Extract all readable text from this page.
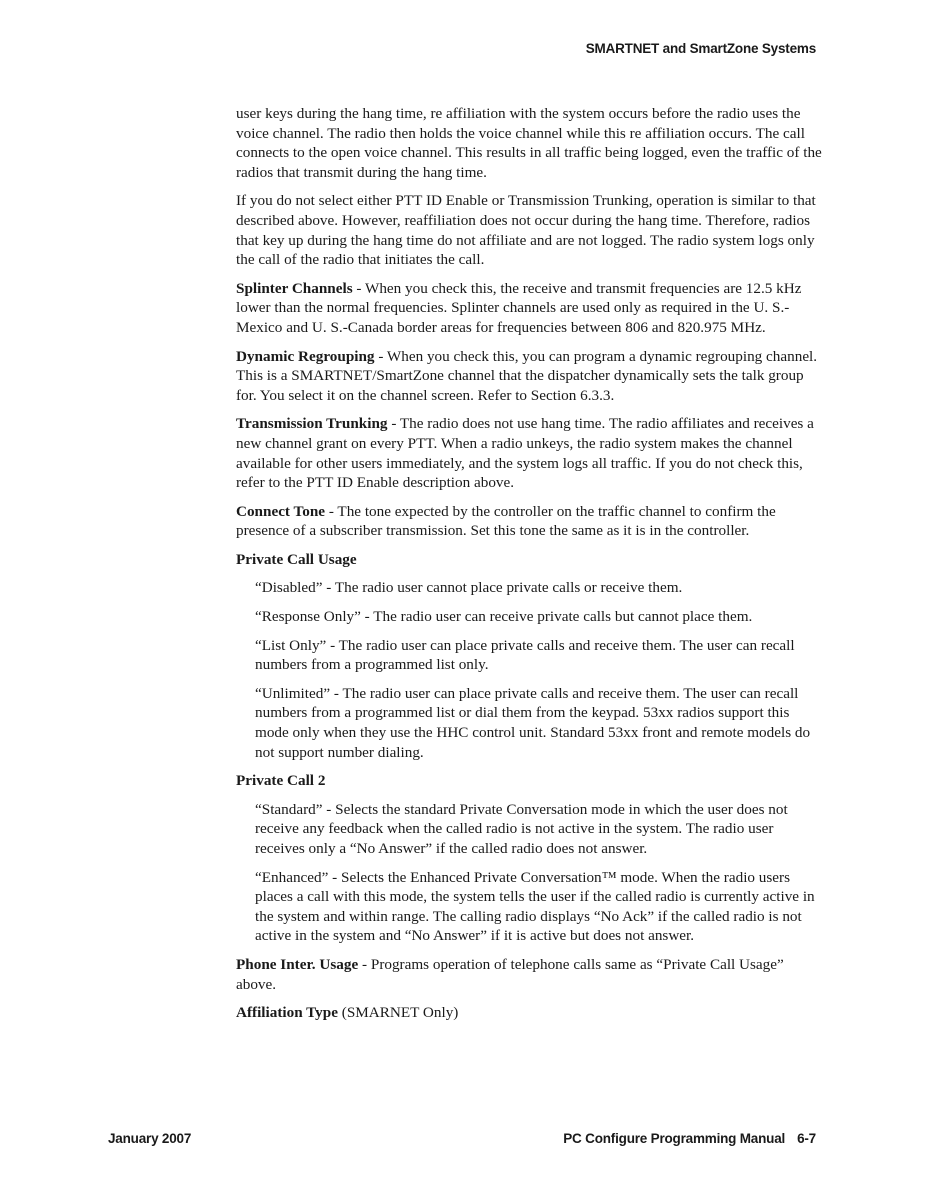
SMARTNET and SmartZone Systems

user keys during the hang time, re affiliation with the system occurs before the radio uses the voice channel. The radio then holds the voice channel while this re affiliation occurs. The call connects to the open voice channel. This results in all traffic being logged, even the traffic of the radios that transmit during the hang time.

If you do not select either PTT ID Enable or Transmission Trunking, operation is similar to that described above. However, reaffiliation does not occur during the hang time. Therefore, radios that key up during the hang time do not affiliate and are not logged. The radio system logs only the call of the radio that initiates the call.

Splinter Channels - When you check this, the receive and transmit frequencies are 12.5 kHz lower than the normal frequencies. Splinter channels are used only as required in the U. S.-Mexico and U. S.-Canada border areas for frequencies between 806 and 820.975 MHz.

Dynamic Regrouping - When you check this, you can program a dynamic regrouping channel. This is a SMARTNET/SmartZone channel that the dispatcher dynamically sets the talk group for. You select it on the channel screen. Refer to Section 6.3.3.

Transmission Trunking - The radio does not use hang time. The radio affiliates and receives a new channel grant on every PTT. When a radio unkeys, the radio system makes the channel available for other users immediately, and the system logs all traffic. If you do not check this, refer to the PTT ID Enable description above.

Connect Tone - The tone expected by the controller on the traffic channel to confirm the presence of a subscriber transmission. Set this tone the same as it is in the controller.

Private Call Usage

“Disabled” - The radio user cannot place private calls or receive them.

“Response Only” - The radio user can receive private calls but cannot place them.

“List Only” - The radio user can place private calls and receive them. The user can recall numbers from a programmed list only.

“Unlimited” - The radio user can place private calls and receive them. The user can recall numbers from a programmed list or dial them from the keypad. 53xx radios support this mode only when they use the HHC control unit. Standard 53xx front and remote models do not support number dialing.

Private Call 2

“Standard” - Selects the standard Private Conversation mode in which the user does not receive any feedback when the called radio is not active in the system. The radio user receives only a “No Answer” if the called radio does not answer.

“Enhanced” - Selects the Enhanced Private Conversation™ mode. When the radio users places a call with this mode, the system tells the user if the called radio is currently active in the system and within range. The calling radio displays “No Ack” if the called radio is not active in the system and “No Answer” if it is active but does not answer.

Phone Inter. Usage - Programs operation of telephone calls same as “Private Call Usage” above.

Affiliation Type (SMARNET Only)

January 2007	PC Configure Programming Manual 6-7
